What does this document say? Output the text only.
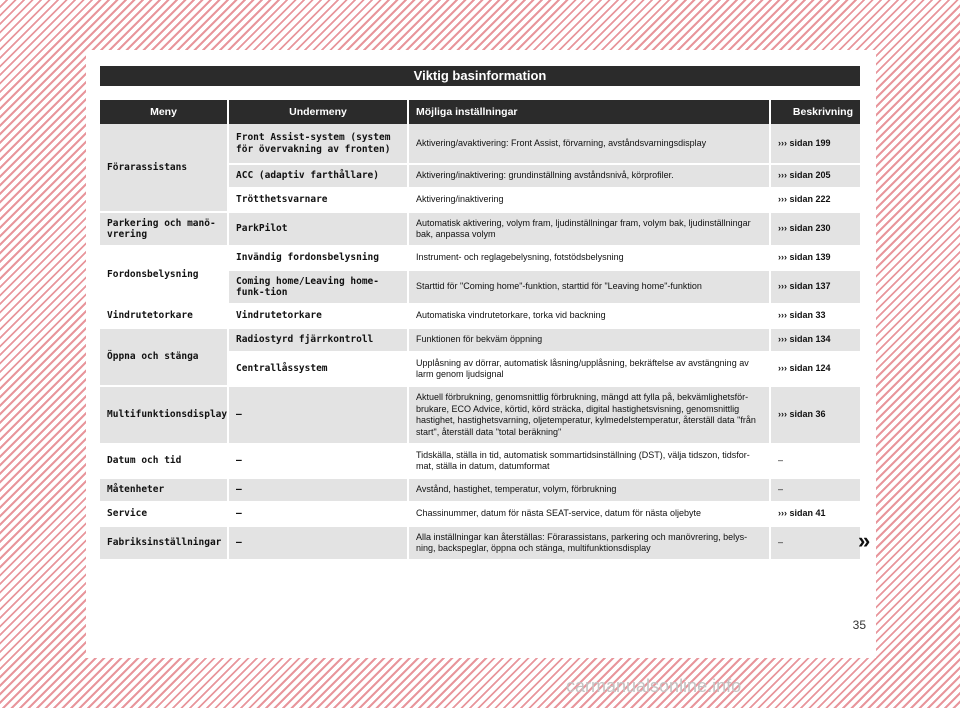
Viktig basinformation
Meny	Undermeny	Möjliga inställningar	Beskrivning
Förarassistans	Front Assist-system (system för övervakning av fronten)	Aktivering/avaktivering: Front Assist, förvarning, avståndsvarningsdisplay	››› sidan 199
	ACC (adaptiv farthållare)	Aktivering/inaktivering: grundinställning avståndsnivå, körprofiler.	››› sidan 205
	Trötthetsvarnare	Aktivering/inaktivering	››› sidan 222
Parkering och manö-vrering	ParkPilot	Automatisk aktivering, volym fram, ljudinställningar fram, volym bak, ljudinställningar bak, anpassa volym	››› sidan 230
Fordonsbelysning	Invändig fordonsbelysning	Instrument- och reglagebelysning, fotstödsbelysning	››› sidan 139
	Coming home/Leaving home-funk-tion	Starttid för "Coming home"-funktion, starttid för "Leaving home"-funktion	››› sidan 137
Vindrutetorkare	Vindrutetorkare	Automatiska vindrutetorkare, torka vid backning	››› sidan 33
Öppna och stänga	Radiostyrd fjärrkontroll	Funktionen för bekväm öppning	››› sidan 134
	Centrallåssystem	Upplåsning av dörrar, automatisk låsning/upplåsning, bekräftelse av avstängning av larm genom ljudsignal	››› sidan 124
Multifunktionsdisplay	–	Aktuell förbrukning, genomsnittlig förbrukning, mängd att fylla på, bekvämlighetsför-brukare, ECO Advice, körtid, körd sträcka, digital hastighetsvisning, genomsnittlig hastighet, hastighetsvarning, oljetemperatur, kylmedelstemperatur, återställ data "från start", återställ data "total beräkning"	››› sidan 36
Datum och tid	–	Tidskälla, ställa in tid, automatisk sommartidsinställning (DST), välja tidszon, tidsfor-mat, ställa in datum, datumformat	–
Måtenheter	–	Avstånd, hastighet, temperatur, volym, förbrukning	–
Service	–	Chassinummer, datum för nästa SEAT-service, datum för nästa oljebyte	››› sidan 41
Fabriksinställningar	–	Alla inställningar kan återställas: Förarassistans, parkering och manövrering, belys-ning, backspeglar, öppna och stänga, multifunktionsdisplay	–	»
35
carmanualsonline.info
